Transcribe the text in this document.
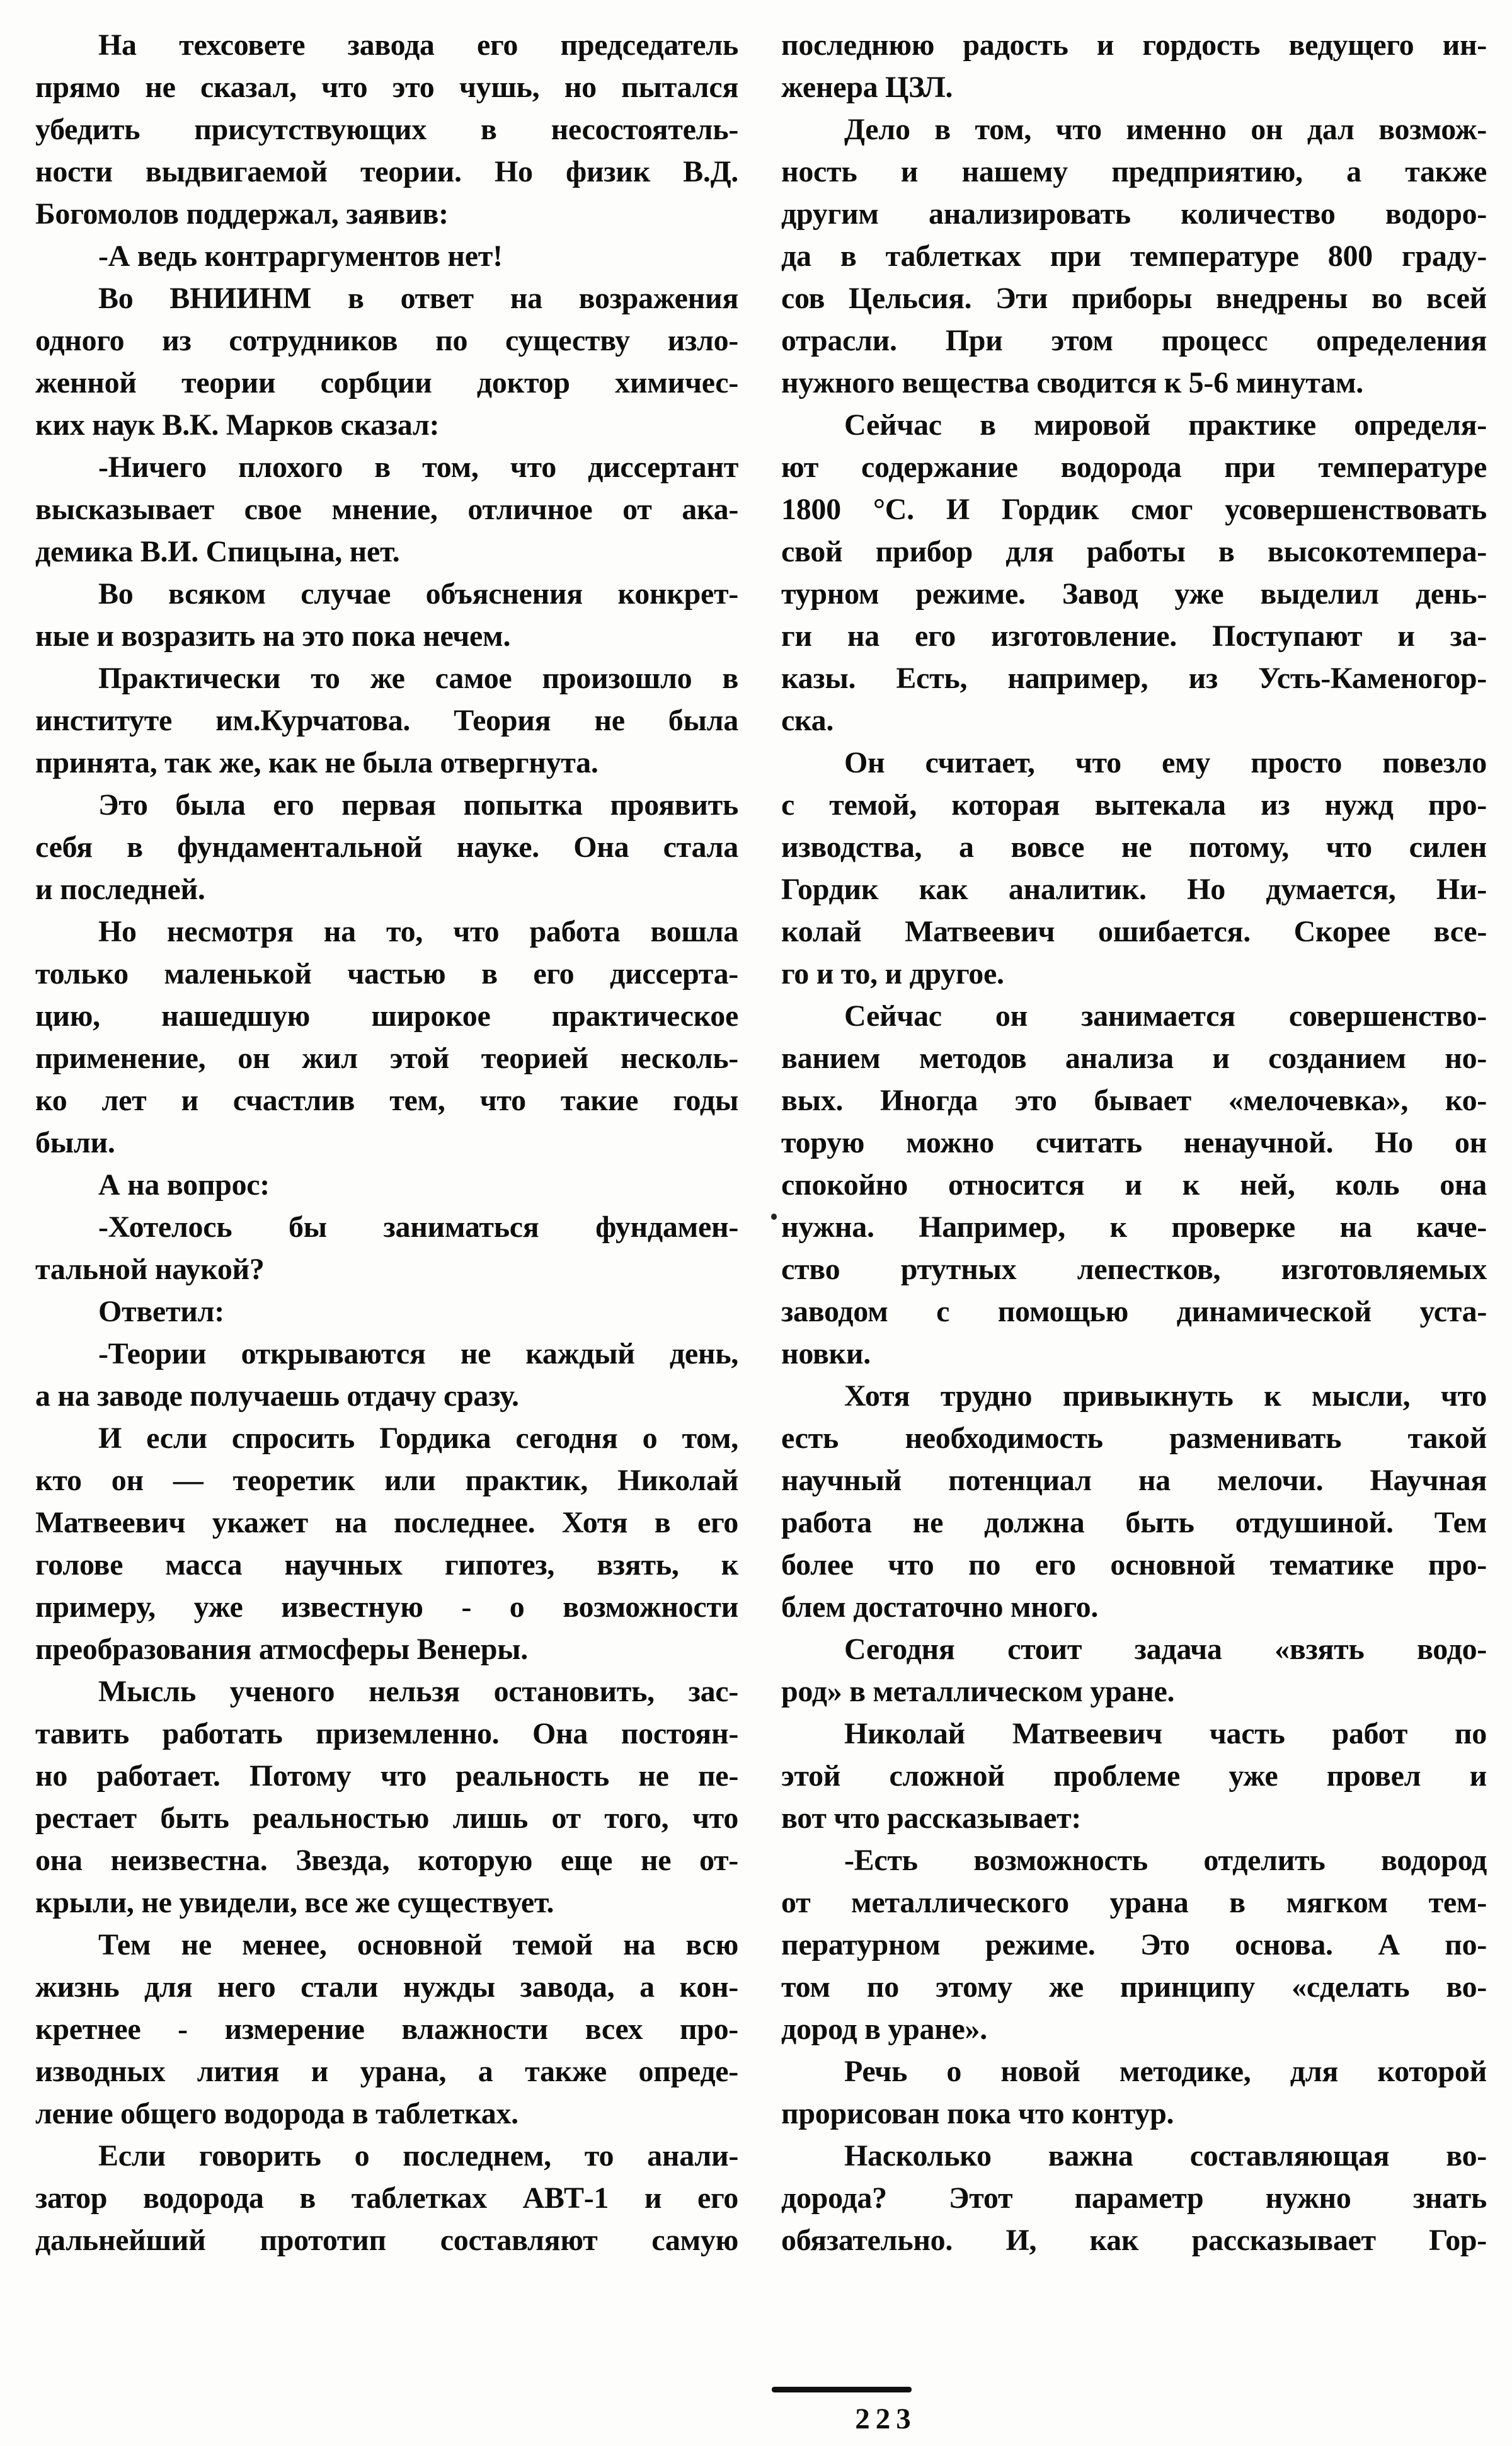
На техсовете завода его председатель
прямо не сказал, что это чушь, но пытался
убедить присутствующих в несостоятель-
ности выдвигаемой теории. Но физик В.Д.
Богомолов поддержал, заявив:
-А ведь контраргументов нет!
Во ВНИИНМ в ответ на возражения
одного из сотрудников по существу изло-
женной теории сорбции доктор химичес-
ких наук В.К. Марков сказал:
-Ничего плохого в том, что диссертант
высказывает свое мнение, отличное от ака-
демика В.И. Спицына, нет.
Во всяком случае объяснения конкрет-
ные и возразить на это пока нечем.
Практически то же самое произошло в
институте им.Курчатова. Теория не была
принята, так же, как не была отвергнута.
Это была его первая попытка проявить
себя в фундаментальной науке. Она стала
и последней.
Но несмотря на то, что работа вошла
только маленькой частью в его диссерта-
цию, нашедшую широкое практическое
применение, он жил этой теорией несколь-
ко лет и счастлив тем, что такие годы
были.
А на вопрос:
-Хотелось бы заниматься фундамен-
тальной наукой?
Ответил:
-Теории открываются не каждый день,
а на заводе получаешь отдачу сразу.
И если спросить Гордика сегодня о том,
кто он — теоретик или практик, Николай
Матвеевич укажет на последнее. Хотя в его
голове масса научных гипотез, взять, к
примеру, уже известную - о возможности
преобразования атмосферы Венеры.
Мысль ученого нельзя остановить, зас-
тавить работать приземленно. Она постоян-
но работает. Потому что реальность не пе-
рестает быть реальностью лишь от того, что
она неизвестна. Звезда, которую еще не от-
крыли, не увидели, все же существует.
Тем не менее, основной темой на всю
жизнь для него стали нужды завода, а кон-
кретнее - измерение влажности всех про-
изводных лития и урана, а также опреде-
ление общего водорода в таблетках.
Если говорить о последнем, то анали-
затор водорода в таблетках АВТ-1 и его
дальнейший прототип составляют самую
последнюю радость и гордость ведущего ин-
женера ЦЗЛ.
Дело в том, что именно он дал возмож-
ность и нашему предприятию, а также
другим анализировать количество водоро-
да в таблетках при температуре 800 граду-
сов Цельсия. Эти приборы внедрены во всей
отрасли. При этом процесс определения
нужного вещества сводится к 5-6 минутам.
Сейчас в мировой практике определя-
ют содержание водорода при температуре
1800 °С. И Гордик смог усовершенствовать
свой прибор для работы в высокотемпера-
турном режиме. Завод уже выделил день-
ги на его изготовление. Поступают и за-
казы. Есть, например, из Усть-Каменогор-
ска.
Он считает, что ему просто повезло
с темой, которая вытекала из нужд про-
изводства, а вовсе не потому, что силен
Гордик как аналитик. Но думается, Ни-
колай Матвеевич ошибается. Скорее все-
го и то, и другое.
Сейчас он занимается совершенство-
ванием методов анализа и созданием но-
вых. Иногда это бывает «мелочевка», ко-
торую можно считать ненаучной. Но он
спокойно относится и к ней, коль она
нужна. Например, к проверке на каче-
ство ртутных лепестков, изготовляемых
заводом с помощью динамической уста-
новки.
Хотя трудно привыкнуть к мысли, что
есть необходимость разменивать такой
научный потенциал на мелочи. Научная
работа не должна быть отдушиной. Тем
более что по его основной тематике про-
блем достаточно много.
Сегодня стоит задача «взять водо-
род» в металлическом уране.
Николай Матвеевич часть работ по
этой сложной проблеме уже провел и
вот что рассказывает:
-Есть возможность отделить водород
от металлического урана в мягком тем-
пературном режиме. Это основа. А по-
том по этому же принципу «сделать во-
дород в уране».
Речь о новой методике, для которой
прорисован пока что контур.
Насколько важна составляющая во-
дорода? Этот параметр нужно знать
обязательно. И, как рассказывает Гор-
223
